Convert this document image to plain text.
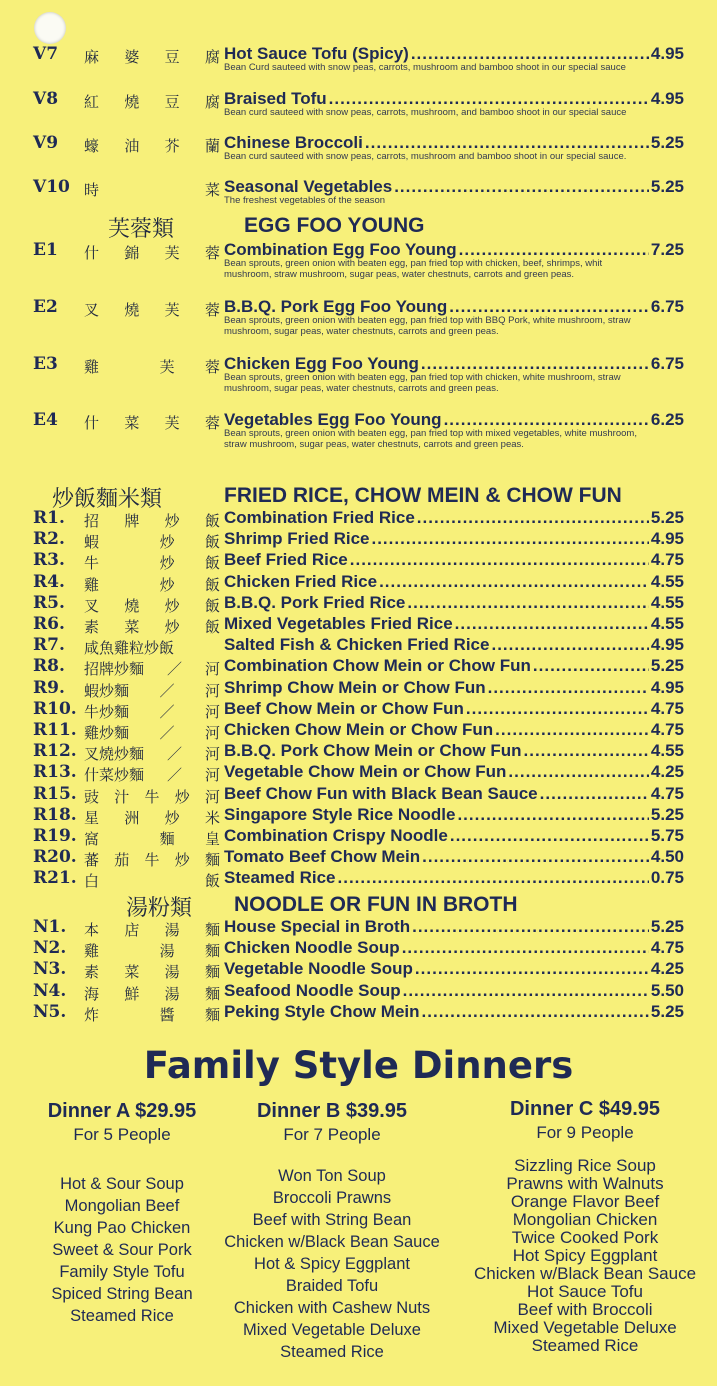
V7 麻 婆 豆 腐 Hot Sauce Tofu (Spicy) .....	4.95
Bean Curd sauteed with snow peas, carrots, mushroom and bamboo shoot in our special sauce
V8 紅 燒 豆 腐 Braised Tofu .....	4.95
Bean curd sauteed with snow peas, carrots, mushroom, and bamboo shoot in our special sauce
V9 蠔 油 芥 蘭 Chinese Broccoli .....	5.25
Bean curd sauteed with snow peas, carrots, mushroom and bamboo shoot in our special sauce.
V10 時	菜 Seasonal Vegetables .....	5.25
The freshest vegetables of the season
芙蓉類	EGG FOO YOUNG
E1 什 錦 芙 蓉 Combination Egg Foo Young .....	7.25
Bean sprouts, green onion with beaten egg, pan fried top with chicken, beef, shrimps, whit mushroom, straw mushroom, sugar peas, water chestnuts, carrots and green peas.
E2 叉 燒 芙 蓉 B.B.Q. Pork Egg Foo Young .....	6.75
Bean sprouts, green onion with beaten egg, pan fried top with BBQ Pork, white mushroom, straw mushroom, sugar peas, water chestnuts, carrots and green peas.
E3 雞	芙 蓉 Chicken Egg Foo Young .....	6.75
Bean sprouts, green onion with beaten egg, pan fried top with chicken, white mushroom, straw mushroom, sugar peas, water chestnuts, carrots and green peas.
E4 什 菜 芙 蓉 Vegetables Egg Foo Young .....	6.25
Bean sprouts, green onion with beaten egg, pan fried top with mixed vegetables, white mushroom, straw mushroom, sugar peas, water chestnuts, carrots and green peas.
炒飯麵米類	FRIED RICE, CHOW MEIN & CHOW FUN
R1. 招 牌 炒 飯 Combination Fried Rice .....	5.25
R2. 蝦	炒 飯 Shrimp Fried Rice .....	4.95
R3. 牛	炒 飯 Beef Fried Rice .....	4.75
R4. 雞	炒 飯 Chicken Fried Rice .....	4.55
R5. 叉 燒 炒 飯 B.B.Q. Pork Fried Rice .....	4.55
R6. 素 菜 炒 飯 Mixed Vegetables Fried Rice .....	4.55
R7. 咸魚雞粒炒飯	Salted Fish & Chicken Fried Rice .....	4.95
R8. 招牌炒麵 ／ 河 Combination Chow Mein or Chow Fun .....	5.25
R9. 蝦炒麵 ／ 河 Shrimp Chow Mein or Chow Fun .....	4.95
R10. 牛炒麵 ／ 河 Beef Chow Mein or Chow Fun .....	4.75
R11. 雞炒麵 ／ 河 Chicken Chow Mein or Chow Fun .....	4.75
R12. 叉燒炒麵 ／ 河 B.B.Q. Pork Chow Mein or Chow Fun .....	4.55
R13. 什菜炒麵 ／ 河 Vegetable Chow Mein or Chow Fun .....	4.25
R15. 豉 汁 牛 炒 河 Beef Chow Fun with Black Bean Sauce .....	4.75
R18. 星 洲 炒 米 Singapore Style Rice Noodle .....	5.25
R19. 窩	麵 皇 Combination Crispy Noodle .....	5.75
R20. 蕃 茄 牛 炒 麵 Tomato Beef Chow Mein .....	4.50
R21. 白	飯 Steamed Rice .....	0.75
湯粉類 NOODLE OR FUN IN BROTH
N1. 本 店 湯 麵 House Special in Broth .....	5.25
N2. 雞	湯 麵 Chicken Noodle Soup .....	4.75
N3. 素 菜 湯 麵 Vegetable Noodle Soup .....	4.25
N4. 海 鮮 湯 麵 Seafood Noodle Soup .....	5.50
N5. 炸	醬 麵 Peking Style Chow Mein .....	5.25
Family Style Dinners
Dinner A $29.95
For 5 People
Hot & Sour Soup
Mongolian Beef
Kung Pao Chicken
Sweet & Sour Pork
Family Style Tofu
Spiced String Bean
Steamed Rice
Dinner B $39.95
For 7 People
Won Ton Soup
Broccoli Prawns
Beef with String Bean
Chicken w/Black Bean Sauce
Hot & Spicy Eggplant
Braided Tofu
Chicken with Cashew Nuts
Mixed Vegetable Deluxe
Steamed Rice
Dinner C $49.95
For 9 People
Sizzling Rice Soup
Prawns with Walnuts
Orange Flavor Beef
Mongolian Chicken
Twice Cooked Pork
Hot Spicy Eggplant
Chicken w/Black Bean Sauce
Hot Sauce Tofu
Beef with Broccoli
Mixed Vegetable Deluxe
Steamed Rice
